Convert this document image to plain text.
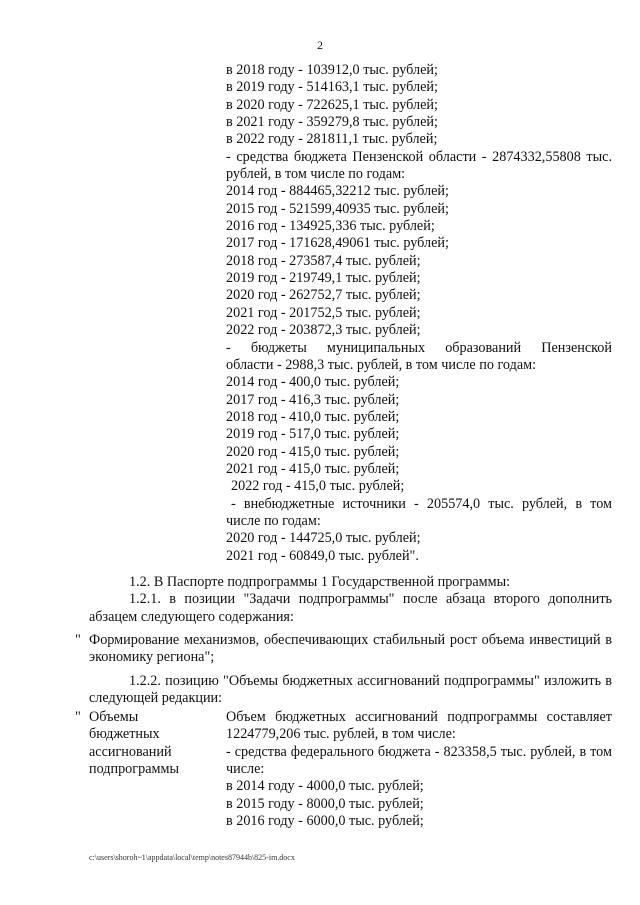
2
в 2018 году - 103912,0 тыс. рублей;
в 2019 году - 514163,1 тыс. рублей;
в 2020 году - 722625,1 тыс. рублей;
в 2021 году - 359279,8 тыс. рублей;
в 2022 году - 281811,1 тыс. рублей;
- средства бюджета Пензенской области - 2874332,55808 тыс.
рублей, в том числе по годам:
2014 год - 884465,32212 тыс. рублей;
2015 год - 521599,40935 тыс. рублей;
2016 год - 134925,336 тыс. рублей;
2017 год - 171628,49061 тыс. рублей;
2018 год - 273587,4 тыс. рублей;
2019 год - 219749,1 тыс. рублей;
2020 год - 262752,7 тыс. рублей;
2021 год - 201752,5 тыс. рублей;
2022 год - 203872,3 тыс. рублей;
- бюджеты муниципальных образований Пензенской
области - 2988,3 тыс. рублей, в том числе по годам:
2014 год - 400,0 тыс. рублей;
2017 год - 416,3 тыс. рублей;
2018 год - 410,0 тыс. рублей;
2019 год - 517,0 тыс. рублей;
2020 год - 415,0 тыс. рублей;
2021 год - 415,0 тыс. рублей;
2022 год - 415,0 тыс. рублей;
- внебюджетные источники - 205574,0 тыс. рублей, в том
числе по годам:
2020 год - 144725,0 тыс. рублей;
2021 год - 60849,0 тыс. рублей".
1.2. В Паспорте подпрограммы 1 Государственной программы:
1.2.1. в позиции "Задачи подпрограммы" после абзаца второго дополнить абзацем следующего содержания:
" Формирование механизмов, обеспечивающих стабильный рост объема инвестиций в экономику региона";
1.2.2. позицию "Объемы бюджетных ассигнований подпрограммы" изложить в следующей редакции:
" Объемы бюджетных ассигнований подпрограммы
Объем бюджетных ассигнований подпрограммы составляет 1224779,206 тыс. рублей, в том числе:
- средства федерального бюджета - 823358,5 тыс. рублей, в том числе:
в 2014 году - 4000,0 тыс. рублей;
в 2015 году - 8000,0 тыс. рублей;
в 2016 году - 6000,0 тыс. рублей;
c:\users\shoroh~1\appdata\local\temp\notes87944b\825-im.docx
